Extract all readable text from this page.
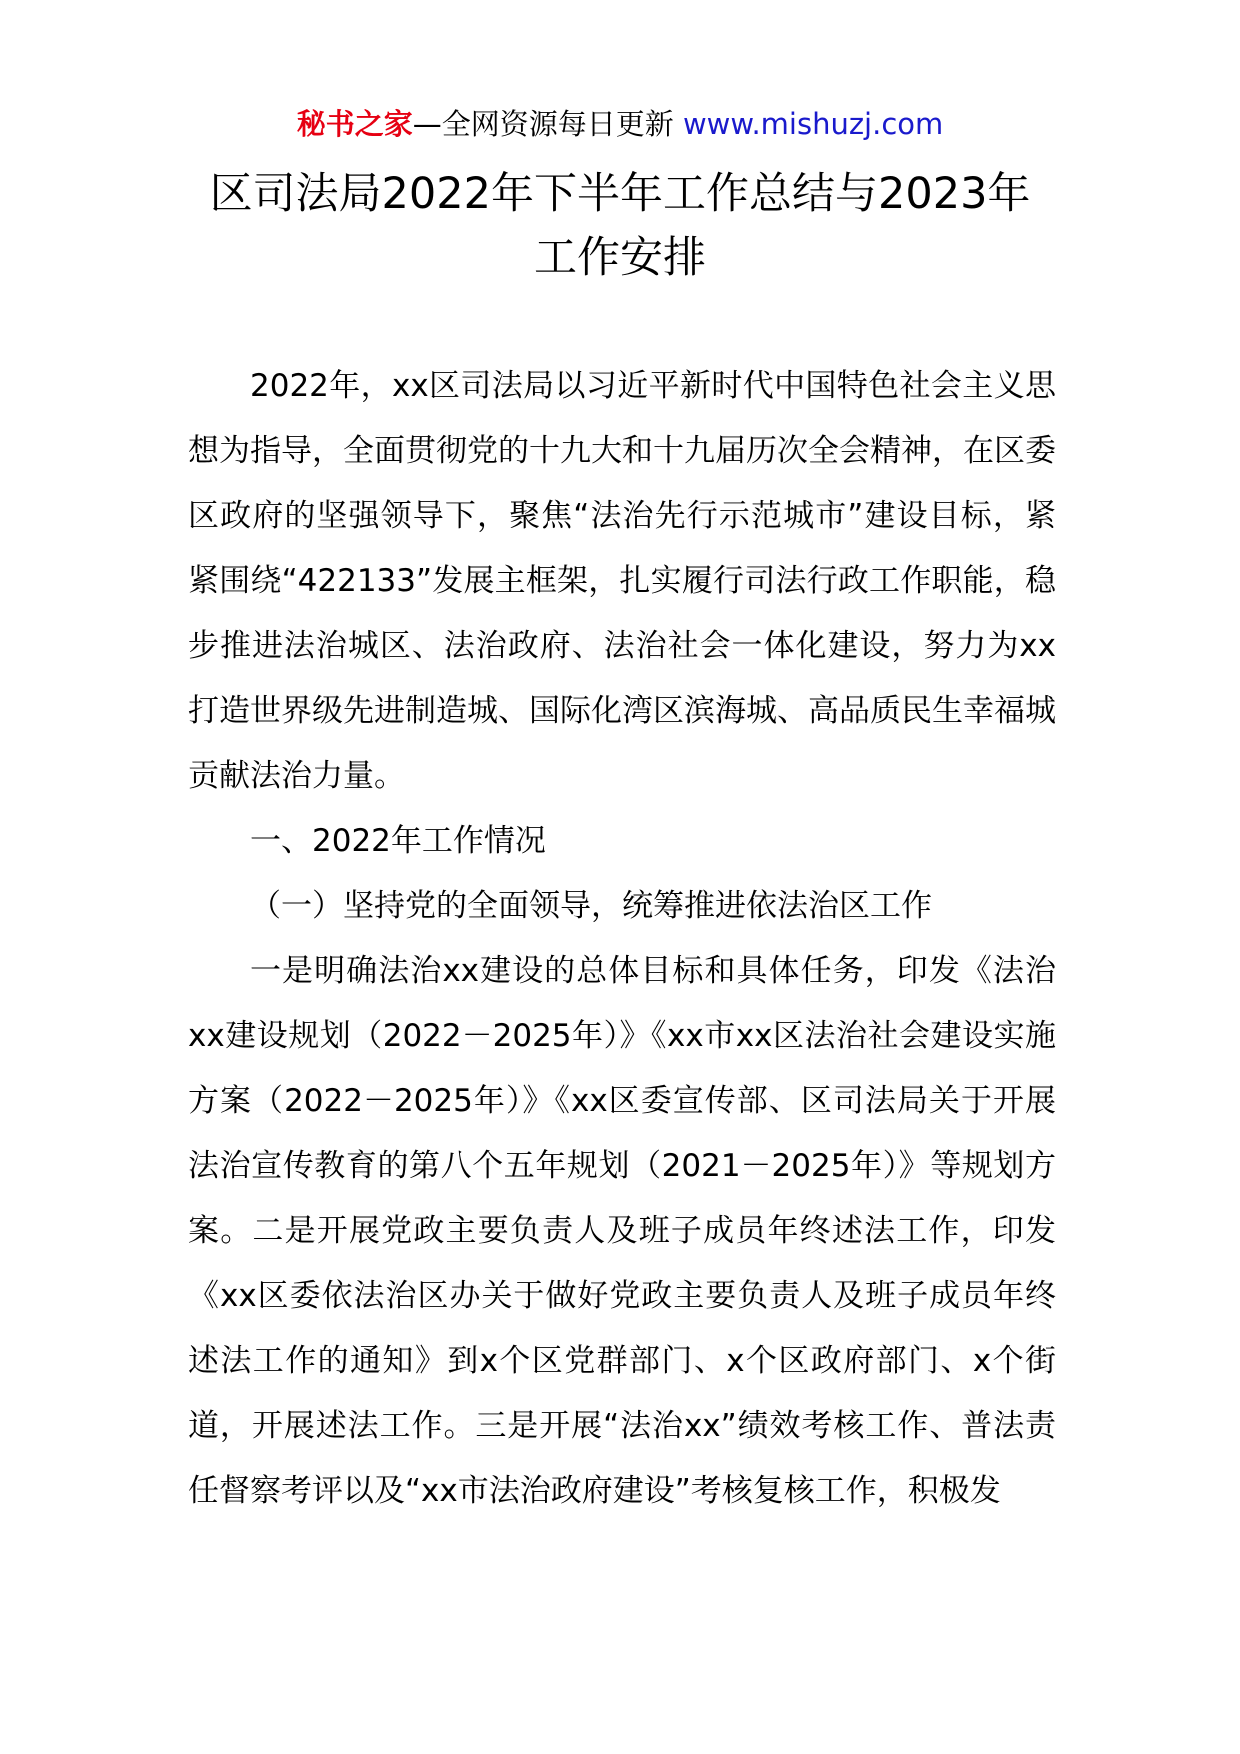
秘书之家—全网资源每日更新 www.mishuzj.com
区司法局2022年下半年工作总结与2023年
工作安排

2022年，xx区司法局以习近平新时代中国特色社会主义思想为指导，全面贯彻党的十九大和十九届历次全会精神，在区委区政府的坚强领导下，聚焦“法治先行示范城市”建设目标，紧紧围绕“422133”发展主框架，扎实履行司法行政工作职能，稳步推进法治城区、法治政府、法治社会一体化建设，努力为xx打造世界级先进制造城、国际化湾区滨海城、高品质民生幸福城贡献法治力量。

一、2022年工作情况

（一）坚持党的全面领导，统筹推进依法治区工作

一是明确法治xx建设的总体目标和具体任务，印发《法治xx建设规划（2022－2025年）》《xx市xx区法治社会建设实施方案（2022－2025年）》《xx区委宣传部、区司法局关于开展法治宣传教育的第八个五年规划（2021－2025年）》等规划方案。二是开展党政主要负责人及班子成员年终述法工作，印发《xx区委依法治区办关于做好党政主要负责人及班子成员年终述法工作的通知》到x个区党群部门、x个区政府部门、x个街道，开展述法工作。三是开展“法治xx”绩效考核工作、普法责任督察考评以及“xx市法治政府建设”考核复核工作，积极发
